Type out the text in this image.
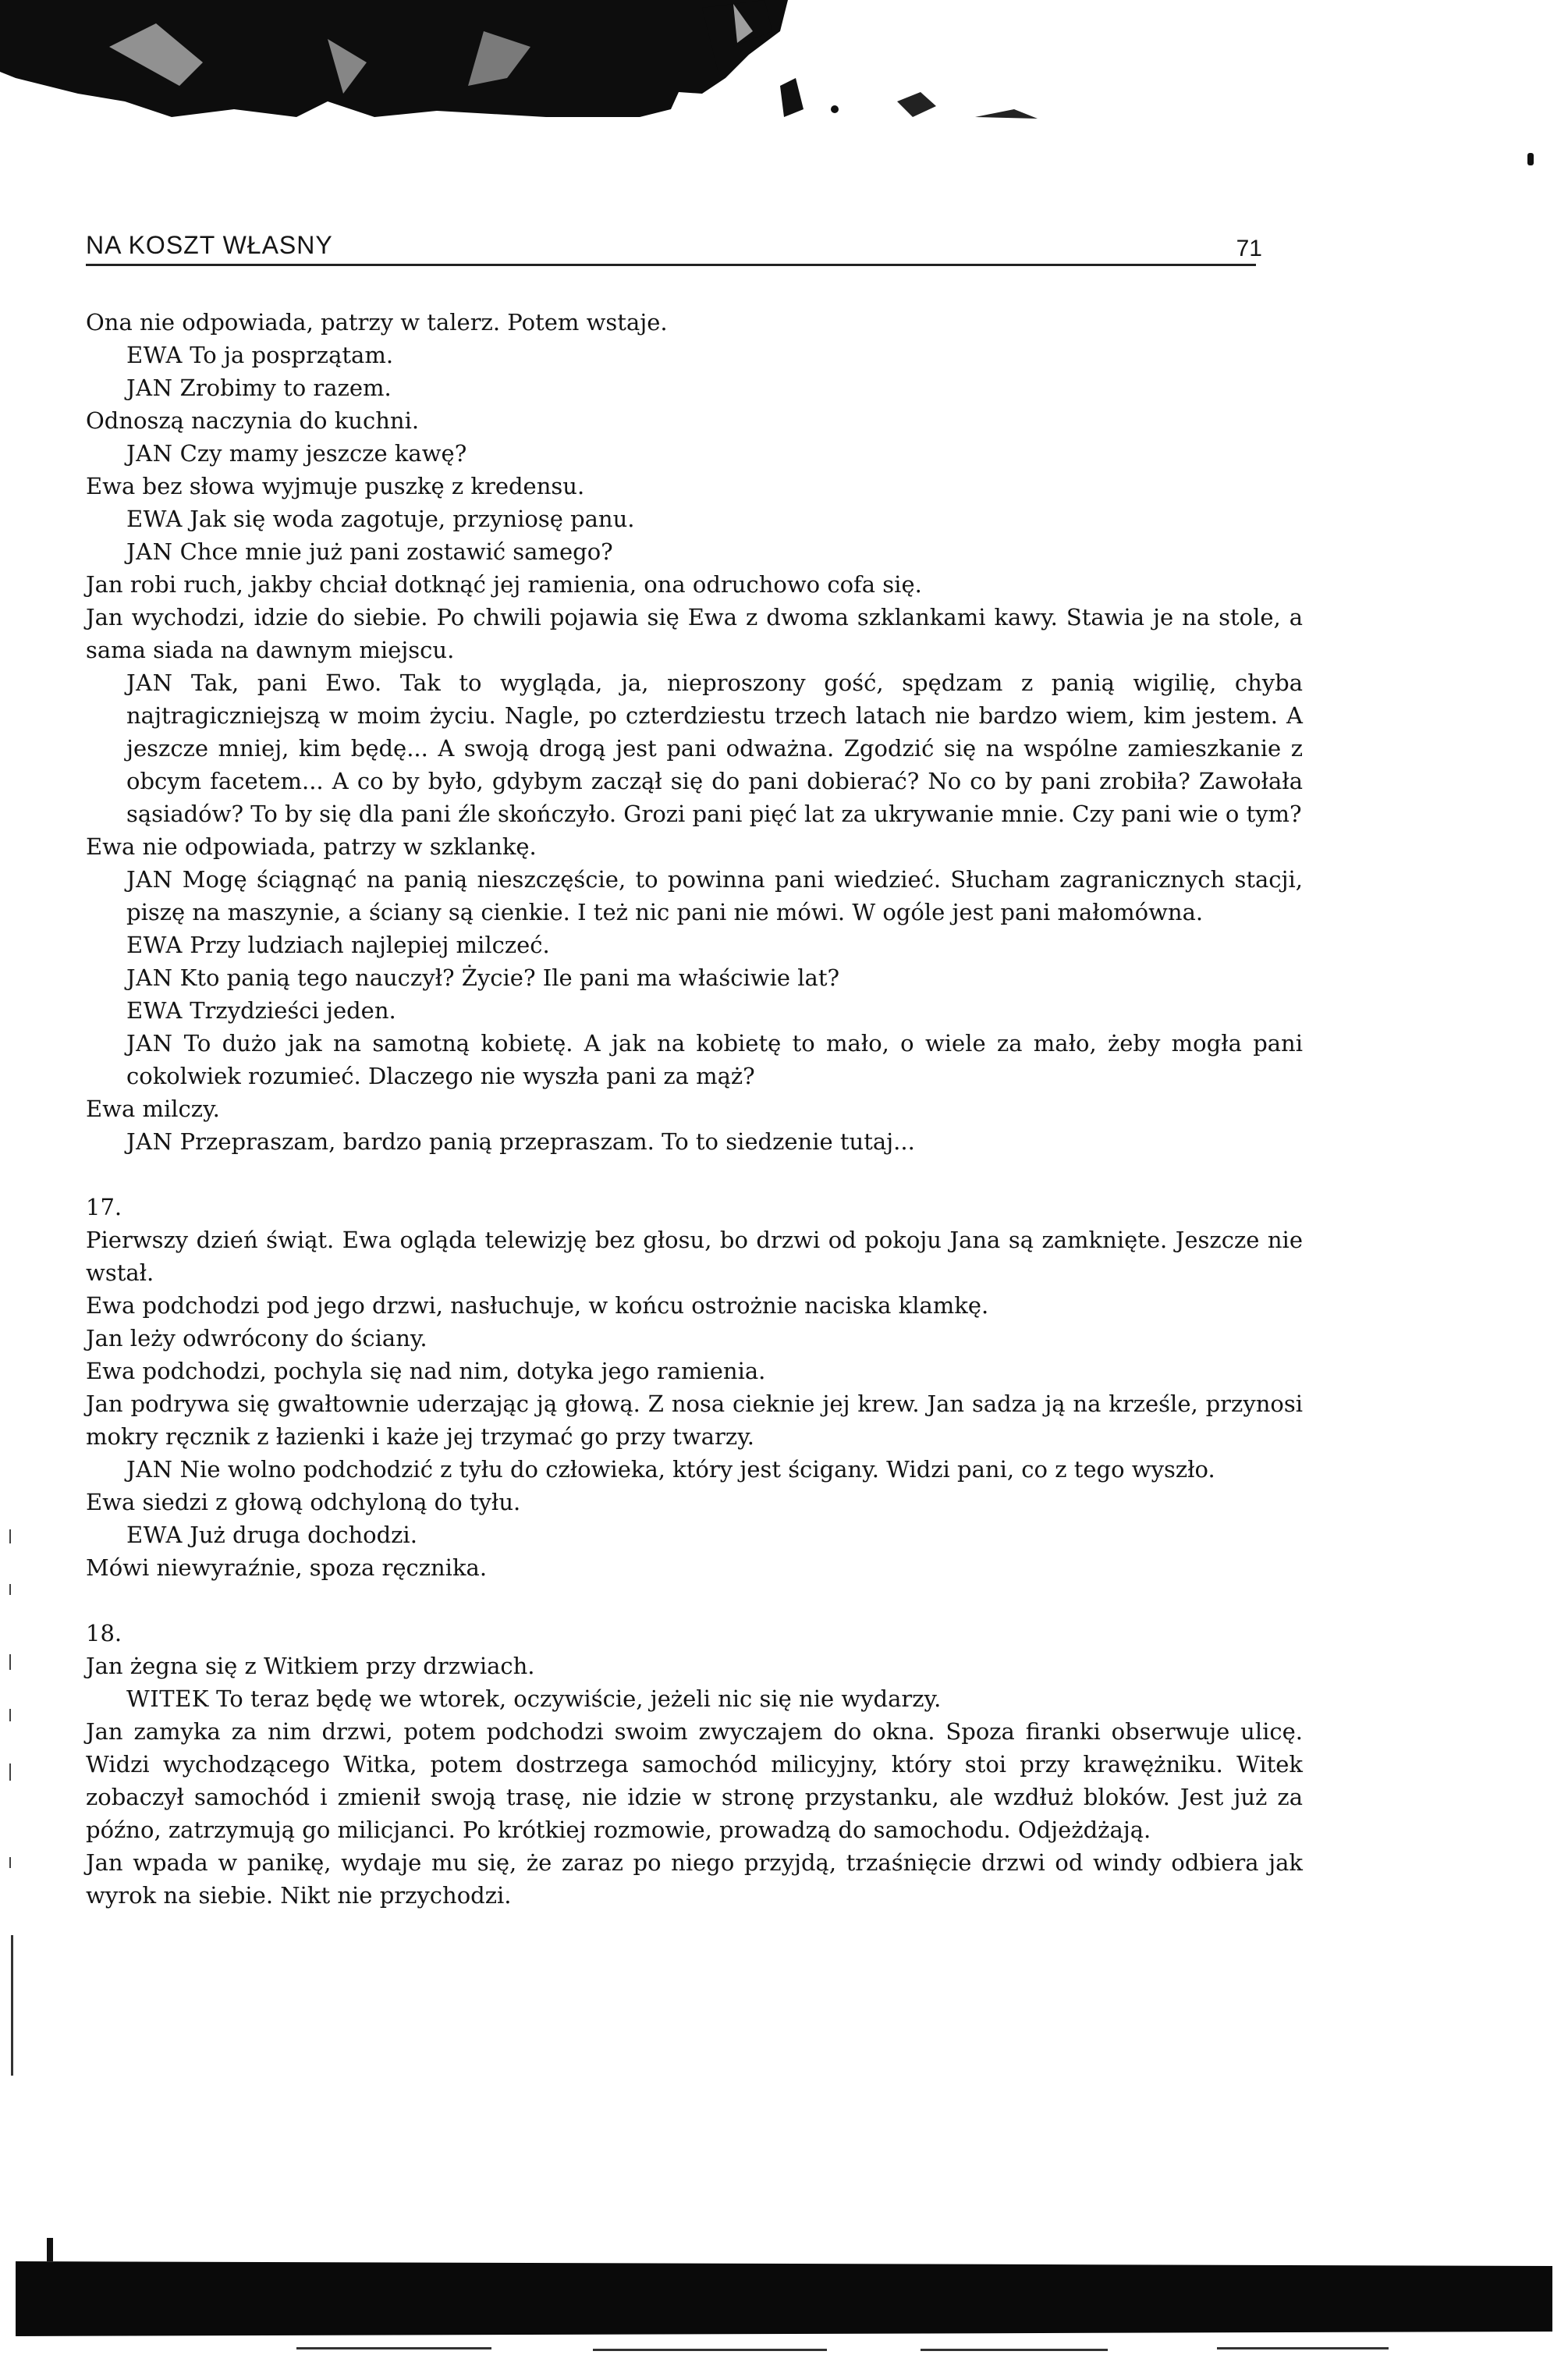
NA KOSZT WŁASNY	71

Ona nie odpowiada, patrzy w talerz. Potem wstaje.

EWA To ja posprzątam.

JAN Zrobimy to razem.

Odnoszą naczynia do kuchni.

JAN Czy mamy jeszcze kawę?

Ewa bez słowa wyjmuje puszkę z kredensu.

EWA Jak się woda zagotuje, przyniosę panu.

JAN Chce mnie już pani zostawić samego?

Jan robi ruch, jakby chciał dotknąć jej ramienia, ona odruchowo cofa się.

Jan wychodzi, idzie do siebie. Po chwili pojawia się Ewa z dwoma szklankami kawy. Stawia je na stole, a sama siada na dawnym miejscu.

JAN Tak, pani Ewo. Tak to wygląda, ja, nieproszony gość, spędzam z panią wigilię, chyba najtragiczniejszą w moim życiu. Nagle, po czterdziestu trzech latach nie bardzo wiem, kim jestem. A jeszcze mniej, kim będę... A swoją drogą jest pani odważna. Zgodzić się na wspólne zamieszkanie z obcym facetem... A co by było, gdybym zaczął się do pani dobierać? No co by pani zrobiła? Zawołała sąsiadów? To by się dla pani źle skończyło. Grozi pani pięć lat za ukrywanie mnie. Czy pani wie o tym?

Ewa nie odpowiada, patrzy w szklankę.

JAN Mogę ściągnąć na panią nieszczęście, to powinna pani wiedzieć. Słucham zagranicznych stacji, piszę na maszynie, a ściany są cienkie. I też nic pani nie mówi. W ogóle jest pani małomówna.

EWA Przy ludziach najlepiej milczeć.

JAN Kto panią tego nauczył? Życie? Ile pani ma właściwie lat?

EWA Trzydzieści jeden.

JAN To dużo jak na samotną kobietę. A jak na kobietę to mało, o wiele za mało, żeby mogła pani cokolwiek rozumieć. Dlaczego nie wyszła pani za mąż?

Ewa milczy.

JAN Przepraszam, bardzo panią przepraszam. To to siedzenie tutaj...

17.

Pierwszy dzień świąt. Ewa ogląda telewizję bez głosu, bo drzwi od pokoju Jana są zamknięte. Jeszcze nie wstał.

Ewa podchodzi pod jego drzwi, nasłuchuje, w końcu ostrożnie naciska klamkę.

Jan leży odwrócony do ściany.

Ewa podchodzi, pochyla się nad nim, dotyka jego ramienia.

Jan podrywa się gwałtownie uderzając ją głową. Z nosa cieknie jej krew. Jan sadza ją na krześle, przynosi mokry ręcznik z łazienki i każe jej trzymać go przy twarzy.

JAN Nie wolno podchodzić z tyłu do człowieka, który jest ścigany. Widzi pani, co z tego wyszło.

Ewa siedzi z głową odchyloną do tyłu.

EWA Już druga dochodzi.

Mówi niewyraźnie, spoza ręcznika.

18.

Jan żegna się z Witkiem przy drzwiach.

WITEK To teraz będę we wtorek, oczywiście, jeżeli nic się nie wydarzy.

Jan zamyka za nim drzwi, potem podchodzi swoim zwyczajem do okna. Spoza firanki obserwuje ulicę. Widzi wychodzącego Witka, potem dostrzega samochód milicyjny, który stoi przy krawężniku. Witek zobaczył samochód i zmienił swoją trasę, nie idzie w stronę przystanku, ale wzdłuż bloków. Jest już za późno, zatrzymują go milicjanci. Po krótkiej rozmowie, prowadzą do samochodu. Odjeżdżają.

Jan wpada w panikę, wydaje mu się, że zaraz po niego przyjdą, trzaśnięcie drzwi od windy odbiera jak wyrok na siebie. Nikt nie przychodzi.
